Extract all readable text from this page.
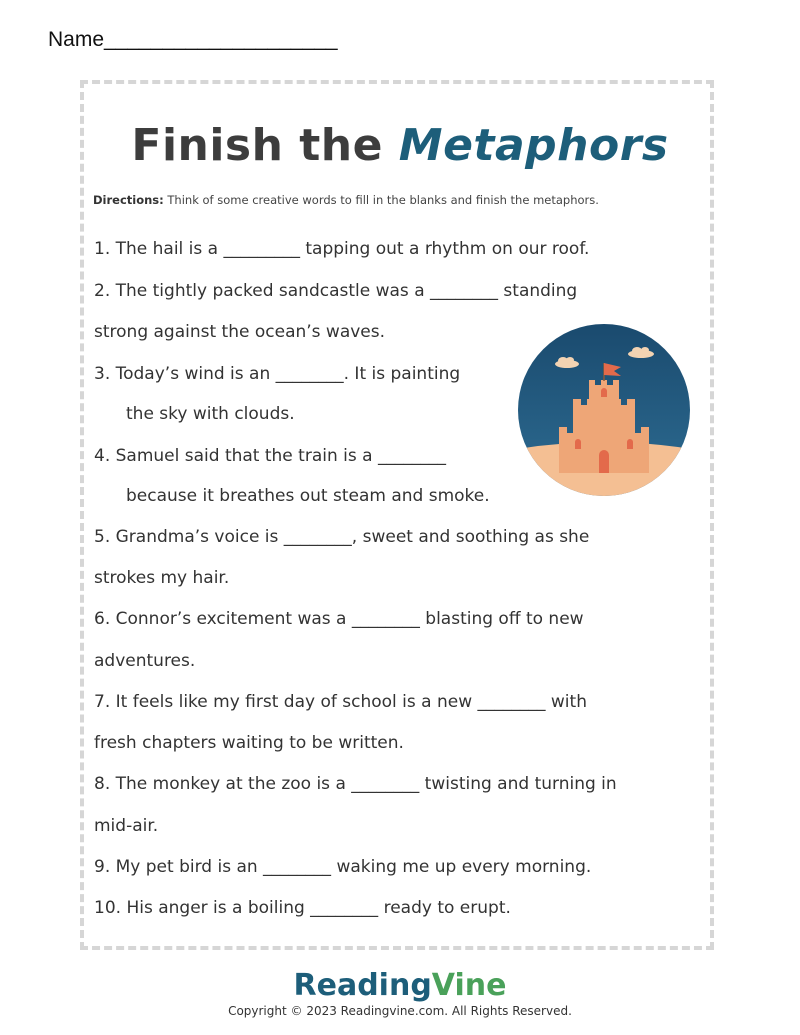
Name____________________
Finish the Metaphors
Directions: Think of some creative words to fill in the blanks and finish the metaphors.
1. The hail is a _________ tapping out a rhythm on our roof.
2. The tightly packed sandcastle was a ________ standing
strong against the ocean’s waves.
3. Today’s wind is an ________. It is painting
the sky with clouds.
4. Samuel said that the train is a ________
because it breathes out steam and smoke.
5. Grandma’s voice is ________, sweet and soothing as she
strokes my hair.
6. Connor’s excitement was a ________ blasting off to new
adventures.
7. It feels like my first day of school is a new ________ with
fresh chapters waiting to be written.
8. The monkey at the zoo is a ________ twisting and turning in
mid-air.
9. My pet bird is an ________ waking me up every morning.
10. His anger is a boiling ________ ready to erupt.
ReadingVine
Copyright © 2023 Readingvine.com. All Rights Reserved.
